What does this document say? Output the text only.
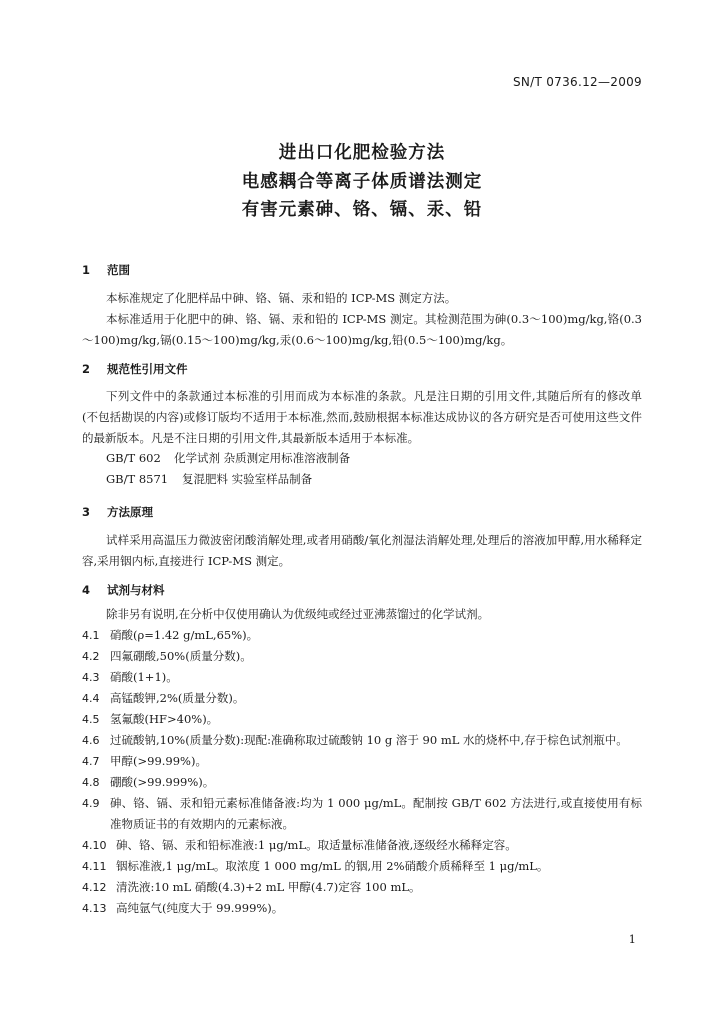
SN/T 0736.12—2009
进出口化肥检验方法
电感耦合等离子体质谱法测定
有害元素砷、铬、镉、汞、铅
1 范围
本标准规定了化肥样品中砷、铬、镉、汞和铅的 ICP-MS 测定方法。
本标准适用于化肥中的砷、铬、镉、汞和铅的 ICP-MS 测定。其检测范围为砷(0.3～100)mg/kg,铬(0.3～100)mg/kg,镉(0.15～100)mg/kg,汞(0.6～100)mg/kg,铅(0.5～100)mg/kg。
2 规范性引用文件
下列文件中的条款通过本标准的引用而成为本标准的条款。凡是注日期的引用文件,其随后所有的修改单(不包括勘误的内容)或修订版均不适用于本标准,然而,鼓励根据本标准达成协议的各方研究是否可使用这些文件的最新版本。凡是不注日期的引用文件,其最新版本适用于本标准。
GB/T 602 化学试剂 杂质测定用标准溶液制备
GB/T 8571 复混肥料 实验室样品制备
3 方法原理
试样采用高温压力微波密闭酸消解处理,或者用硝酸/氧化剂湿法消解处理,处理后的溶液加甲醇,用水稀释定容,采用铟内标,直接进行 ICP-MS 测定。
4 试剂与材料
除非另有说明,在分析中仅使用确认为优级纯或经过亚沸蒸馏过的化学试剂。
4.1 硝酸(ρ=1.42 g/mL,65%)。
4.2 四氟硼酸,50%(质量分数)。
4.3 硝酸(1+1)。
4.4 高锰酸钾,2%(质量分数)。
4.5 氢氟酸(HF>40%)。
4.6 过硫酸钠,10%(质量分数):现配:准确称取过硫酸钠 10 g 溶于 90 mL 水的烧杯中,存于棕色试剂瓶中。
4.7 甲醇(>99.99%)。
4.8 硼酸(>99.999%)。
4.9 砷、铬、镉、汞和铅元素标准储备液:均为 1 000 μg/mL。配制按 GB/T 602 方法进行,或直接使用有标准物质证书的有效期内的元素标液。
4.10 砷、铬、镉、汞和铅标准液:1 μg/mL。取适量标准储备液,逐级经水稀释定容。
4.11 铟标准液,1 μg/mL。取浓度 1 000 mg/mL 的铟,用 2%硝酸介质稀释至 1 μg/mL。
4.12 清洗液:10 mL 硝酸(4.3)+2 mL 甲醇(4.7)定容 100 mL。
4.13 高纯氩气(纯度大于 99.999%)。
1
